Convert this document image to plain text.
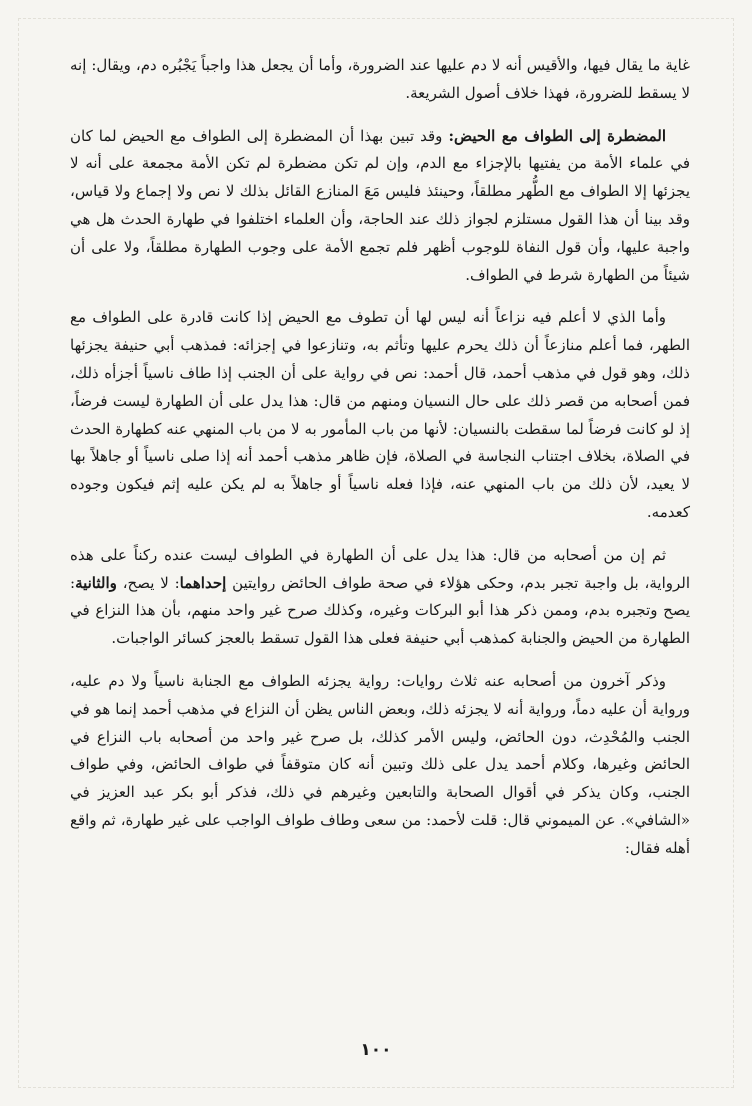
غاية ما يقال فيها، والأقيس أنه لا دم عليها عند الضرورة، وأما أن يجعل هذا واجباً يَجْبُره دم، ويقال: إنه لا يسقط للضرورة، فهذا خلاف أصول الشريعة.

المضطرة إلى الطواف مع الحيض: وقد تبين بهذا أن المضطرة إلى الطواف مع الحيض لما كان في علماء الأمة من يفتيها بالإجزاء مع الدم، وإن لم تكن مضطرة لم تكن الأمة مجمعة على أنه لا يجزئها إلا الطواف مع الطُّهر مطلقاً، وحينئذ فليس مَعَ المنازع القائل بذلك لا نص ولا إجماع ولا قياس، وقد بينا أن هذا القول مستلزم لجواز ذلك عند الحاجة، وأن العلماء اختلفوا في طهارة الحدث هل هي واجبة عليها، وأن قول النفاة للوجوب أظهر فلم تجمع الأمة على وجوب الطهارة مطلقاً، ولا على أن شيئاً من الطهارة شرط في الطواف.

وأما الذي لا أعلم فيه نزاعاً أنه ليس لها أن تطوف مع الحيض إذا كانت قادرة على الطواف مع الطهر، فما أعلم منازعاً أن ذلك يحرم عليها وتأثم به، وتنازعوا في إجزائه: فمذهب أبي حنيفة يجزئها ذلك، وهو قول في مذهب أحمد، قال أحمد: نص في رواية على أن الجنب إذا طاف ناسياً أجزأه ذلك، فمن أصحابه من قصر ذلك على حال النسيان ومنهم من قال: هذا يدل على أن الطهارة ليست فرضاً، إذ لو كانت فرضاً لما سقطت بالنسيان: لأنها من باب المأمور به لا من باب المنهي عنه كطهارة الحدث في الصلاة، بخلاف اجتناب النجاسة في الصلاة، فإن ظاهر مذهب أحمد أنه إذا صلى ناسياً أو جاهلاً بها لا يعيد، لأن ذلك من باب المنهي عنه، فإذا فعله ناسياً أو جاهلاً به لم يكن عليه إثم فيكون وجوده كعدمه.

ثم إن من أصحابه من قال: هذا يدل على أن الطهارة في الطواف ليست عنده ركناً على هذه الرواية، بل واجبة تجبر بدم، وحكى هؤلاء في صحة طواف الحائض روايتين إحداهما: لا يصح، والثانية: يصح وتجبره بدم، وممن ذكر هذا أبو البركات وغيره، وكذلك صرح غير واحد منهم، بأن هذا النزاع في الطهارة من الحيض والجنابة كمذهب أبي حنيفة فعلى هذا القول تسقط بالعجز كسائر الواجبات.

وذكر آخرون من أصحابه عنه ثلاث روايات: رواية يجزئه الطواف مع الجنابة ناسياً ولا دم عليه، ورواية أن عليه دماً، ورواية أنه لا يجزئه ذلك، وبعض الناس يظن أن النزاع في مذهب أحمد إنما هو في الجنب والمُحْدِث، دون الحائض، وليس الأمر كذلك، بل صرح غير واحد من أصحابه باب النزاع في الحائض وغيرها، وكلام أحمد يدل على ذلك وتبين أنه كان متوقفاً في طواف الحائض، وفي طواف الجنب، وكان يذكر في أقوال الصحابة والتابعين وغيرهم في ذلك، فذكر أبو بكر عبد العزيز في «الشافي». عن الميموني قال: قلت لأحمد: من سعى وطاف طواف الواجب على غير طهارة، ثم واقع أهله فقال:

١٠٠
